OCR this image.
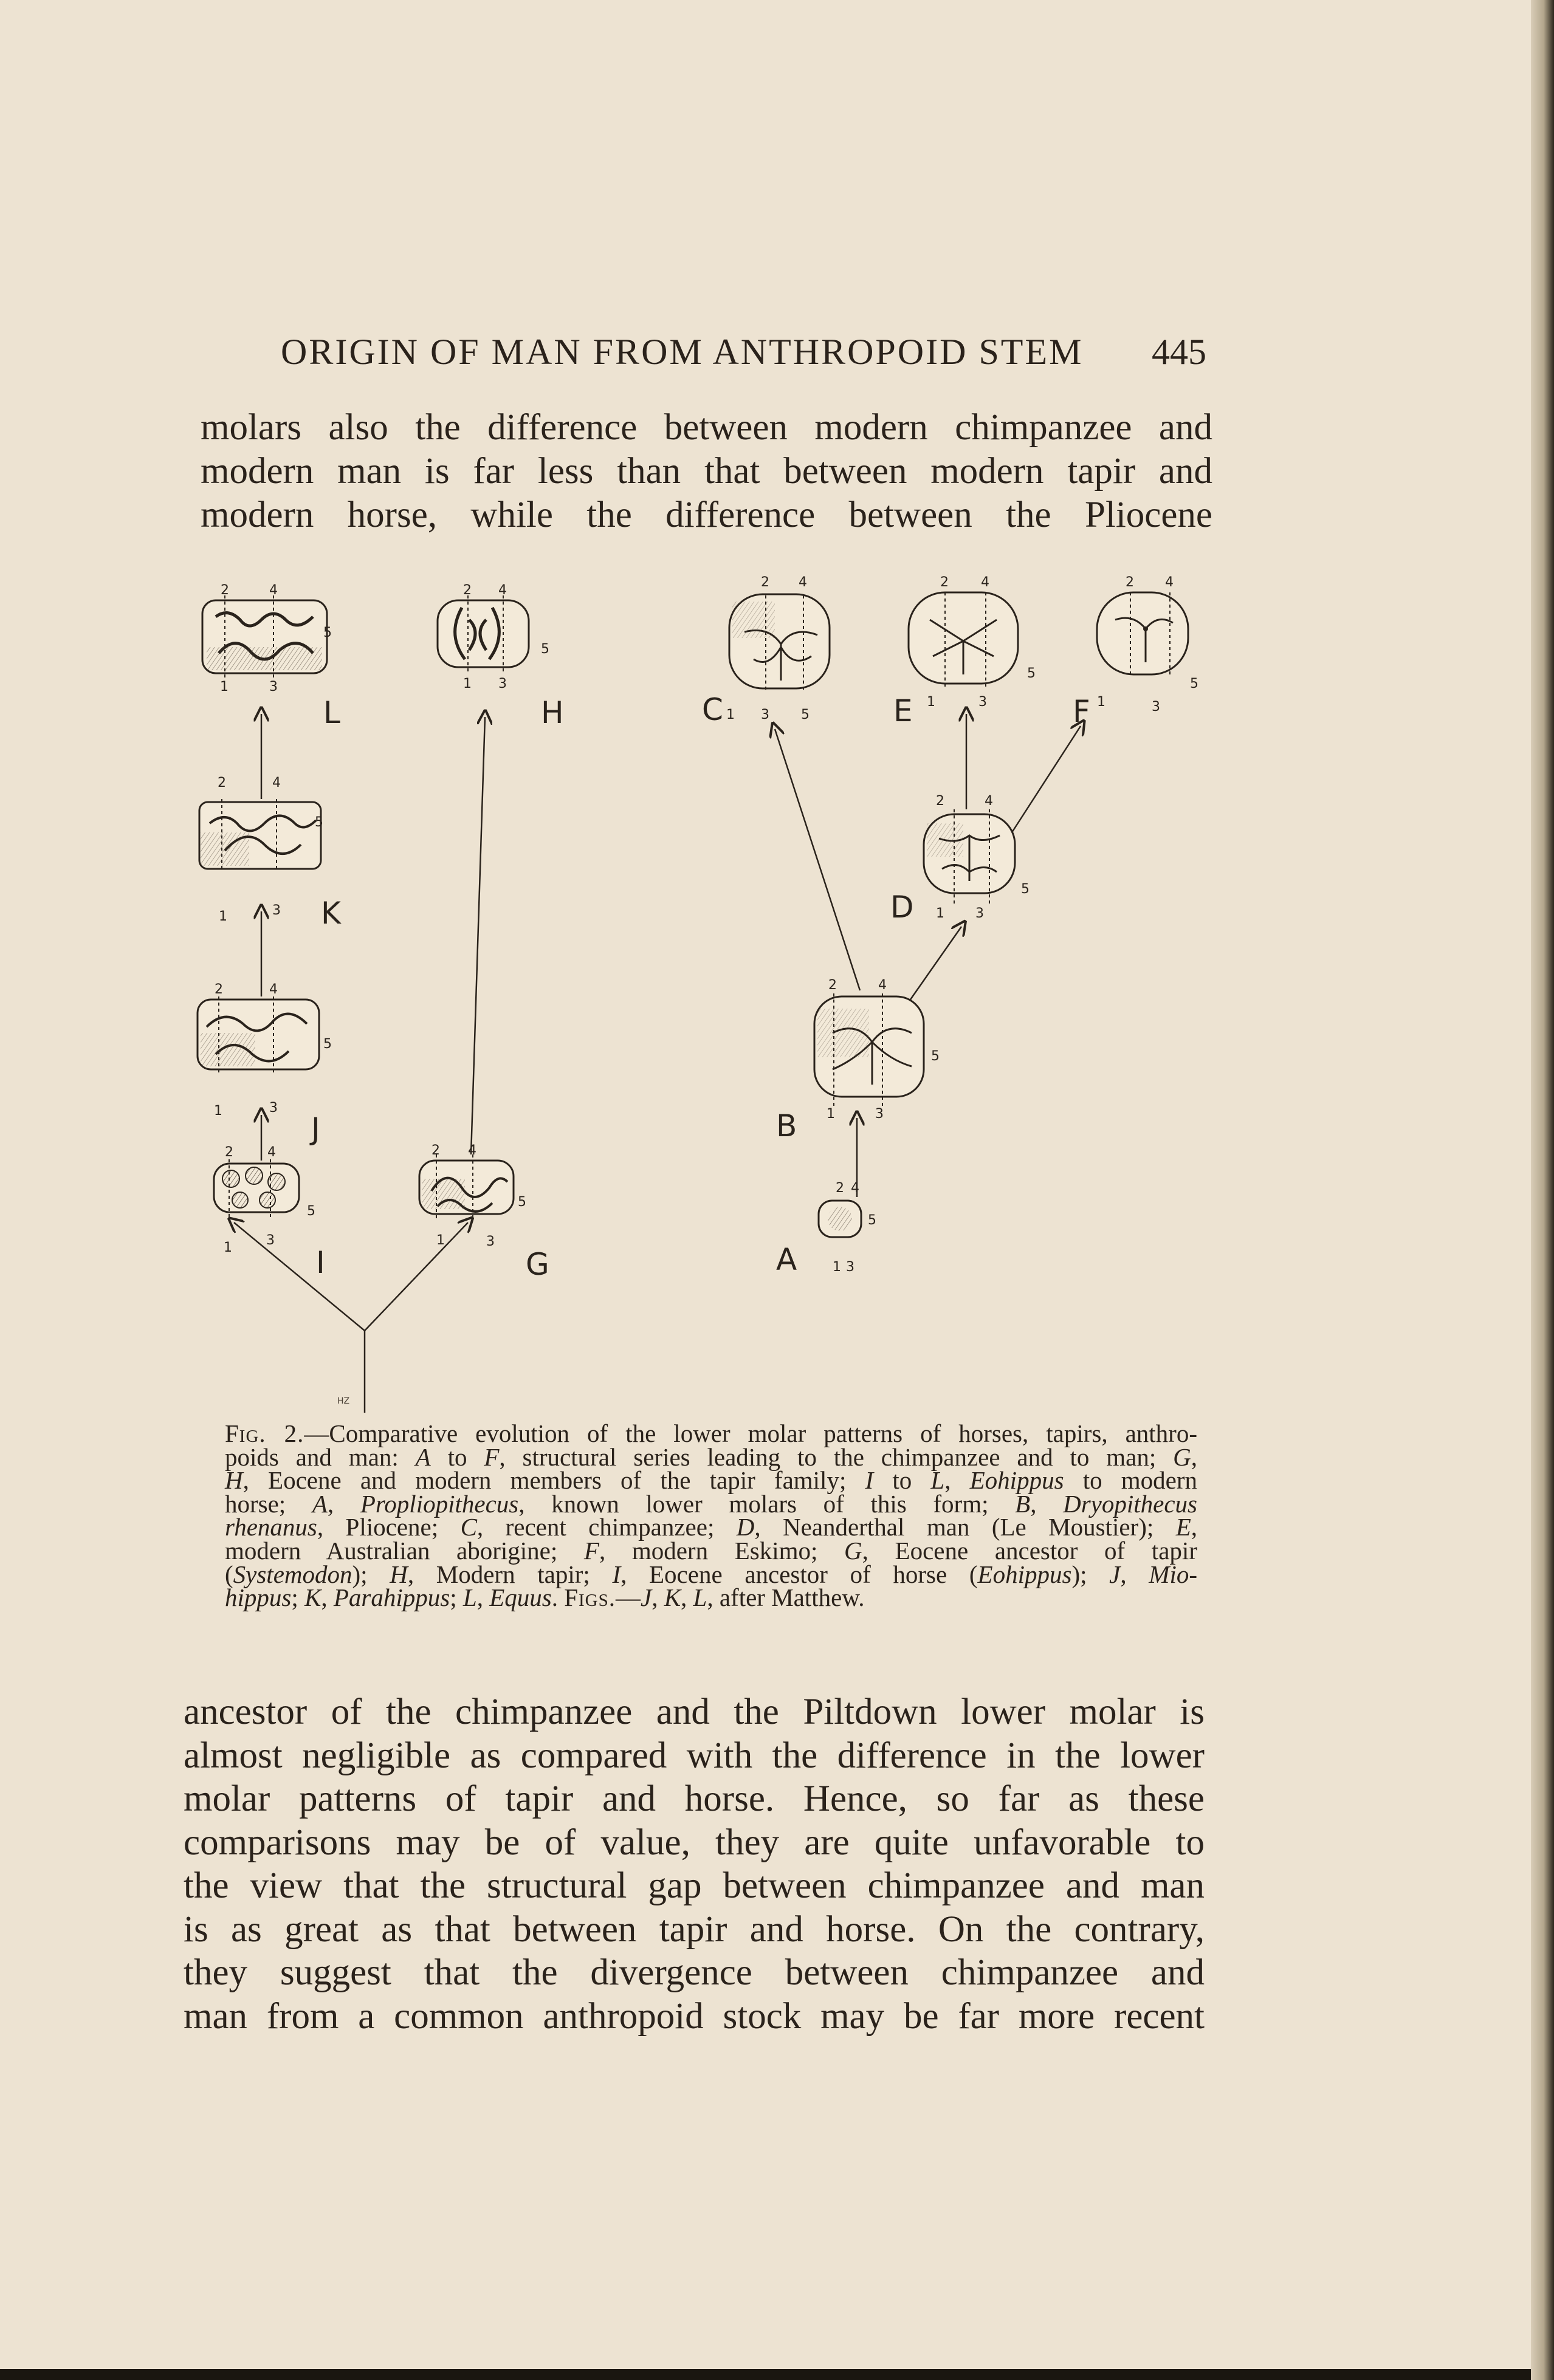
ORIGIN OF MAN FROM ANTHROPOID STEM	445
molars also the difference between modern chimpanzee and
modern man is far less than that between modern tapir and
modern horse, while the difference between the Pliocene
L
K
J
I
H
G
C	E	F
D
B
A
2	4
5
1	3
2 4
5
1 3
2 4
1 3 5
2 4
5
1	3
2 4
5
1	3
2	4
5
1 3
2	4
5
1	3
2 4
5
1 3
2	4
5
1	3
2	4
5
1	3
2	4
5
1	3
2 4
5
1	3
HZ
Fig. 2.—Comparative evolution of the lower molar patterns of horses, tapirs, anthro-
poids and man: A to F, structural series leading to the chimpanzee and to man; G,
H, Eocene and modern members of the tapir family; I to L, Eohippus to modern
horse; A, Propliopithecus, known lower molars of this form; B, Dryopithecus
rhenanus, Pliocene; C, recent chimpanzee; D, Neanderthal man (Le Moustier); E,
modern Australian aborigine; F, modern Eskimo; G, Eocene ancestor of tapir
(Systemodon); H, Modern tapir; I, Eocene ancestor of horse (Eohippus); J, Mio-
hippus; K, Parahippus; L, Equus. Figs.—J, K, L, after Matthew.
ancestor of the chimpanzee and the Piltdown lower molar is
almost negligible as compared with the difference in the lower
molar patterns of tapir and horse. Hence, so far as these
comparisons may be of value, they are quite unfavorable to
the view that the structural gap between chimpanzee and man
is as great as that between tapir and horse. On the contrary,
they suggest that the divergence between chimpanzee and
man from a common anthropoid stock may be far more recent
